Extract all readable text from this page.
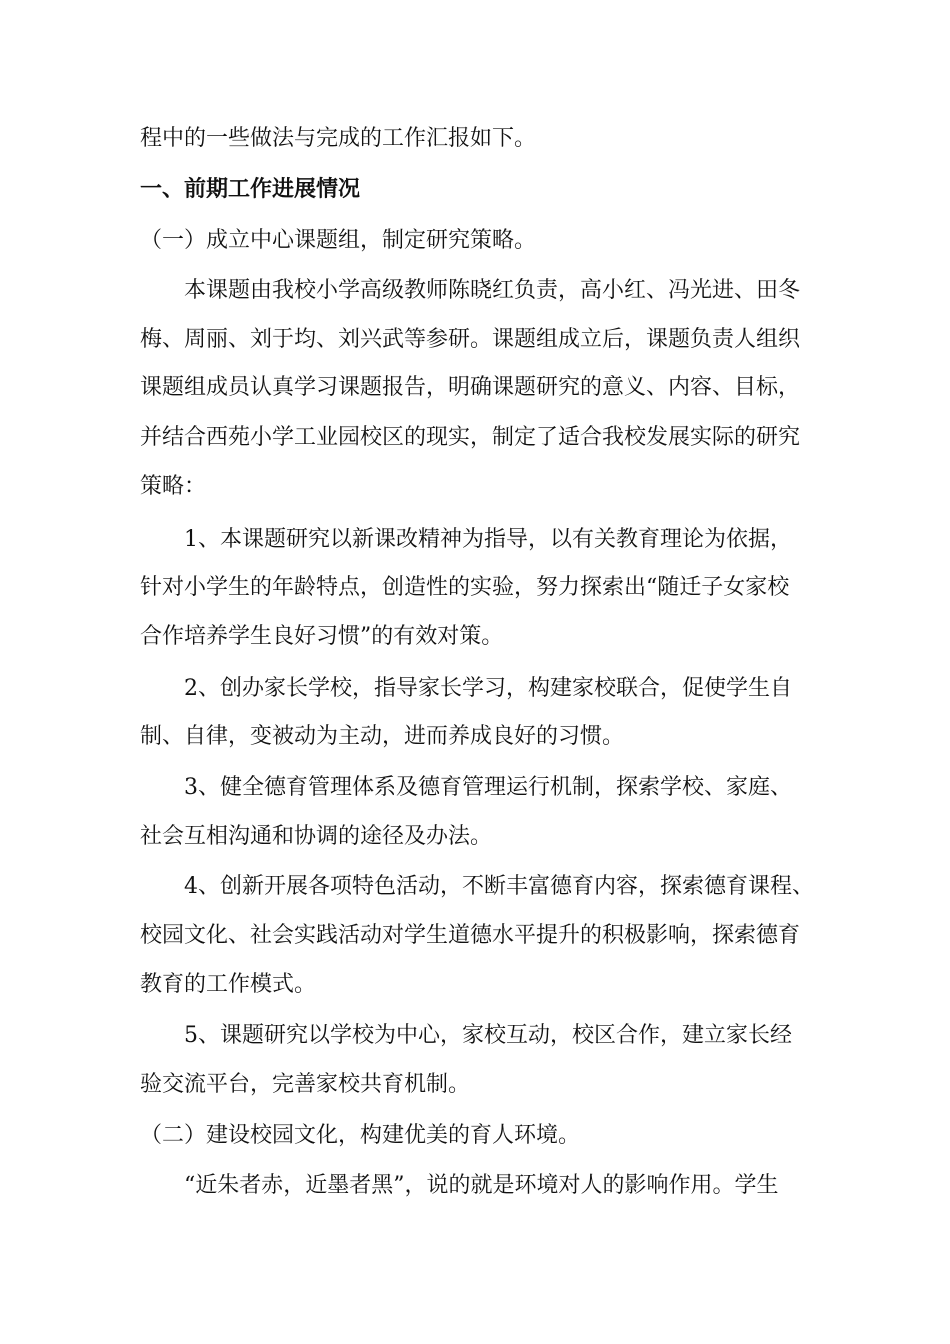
程中的一些做法与完成的工作汇报如下。
一、前期工作进展情况
（一）成立中心课题组，制定研究策略。
本课题由我校小学高级教师陈晓红负责，高小红、冯光进、田冬
梅、周丽、刘于均、刘兴武等参研。课题组成立后，课题负责人组织
课题组成员认真学习课题报告，明确课题研究的意义、内容、目标，
并结合西苑小学工业园校区的现实，制定了适合我校发展实际的研究
策略：
1、本课题研究以新课改精神为指导，以有关教育理论为依据，
针对小学生的年龄特点，创造性的实验，努力探索出“随迁子女家校
合作培养学生良好习惯”的有效对策。
2、创办家长学校，指导家长学习，构建家校联合，促使学生自
制、自律，变被动为主动，进而养成良好的习惯。
3、健全德育管理体系及德育管理运行机制，探索学校、家庭、
社会互相沟通和协调的途径及办法。
4、创新开展各项特色活动，不断丰富德育内容，探索德育课程、
校园文化、社会实践活动对学生道德水平提升的积极影响，探索德育
教育的工作模式。
5、课题研究以学校为中心，家校互动，校区合作，建立家长经
验交流平台，完善家校共育机制。
（二）建设校园文化，构建优美的育人环境。
“近朱者赤，近墨者黑”，说的就是环境对人的影响作用。学生
